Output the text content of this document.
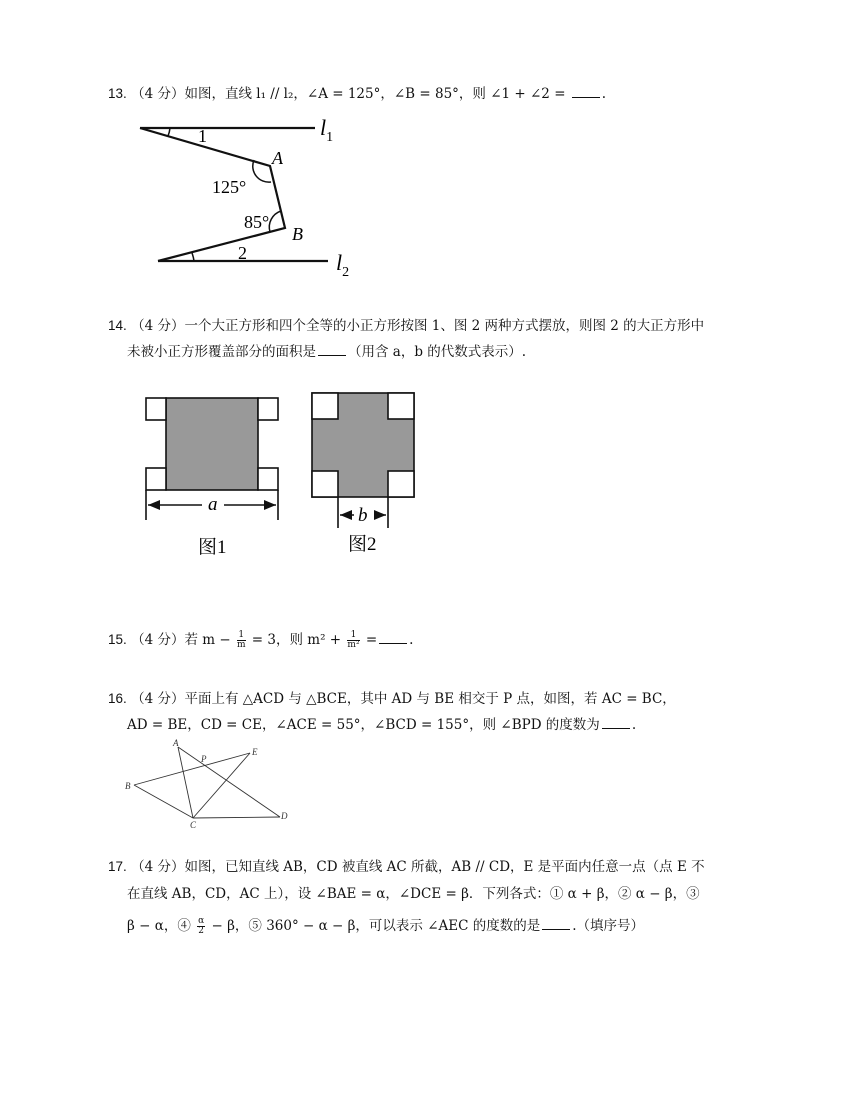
13. （4 分）如图，直线 l₁ // l₂，∠A = 125°，∠B = 85°，则 ∠1 + ∠2 = .
$l_1$
$l_2$
1
A
125°
85°
B
2
14. （4 分）一个大正方形和四个全等的小正方形按图 1、图 2 两种方式摆放，则图 2 的大正方形中
未被小正方形覆盖部分的面积是 （用含 a，b 的代数式表示）.
a
b
图1	图2
15. （4 分）若 $m - \frac{1}{m} = 3$，则 $m^2 + \frac{1}{\text{m²}}$ = .
16. （4 分）平面上有 △ACD 与 △BCE，其中 AD 与 BE 相交于 P 点，如图，若 AC = BC，
AD = BE，CD = CE，∠ACE = 55°，∠BCD = 155°，则 ∠BPD 的度数为 .
A
B
C
D
E
P
17. （4 分）如图，已知直线 AB，CD 被直线 AC 所截，AB // CD，E 是平面内任意一点（点 E 不
在直线 AB，CD，AC 上），设 ∠BAE = α，∠DCE = β．下列各式：① α + β，② α − β，③
β − α，④ $\frac{\alpha}{2} - \beta$，⑤ 360° − α − β，可以表示 ∠AEC 的度数的是 .（填序号）
